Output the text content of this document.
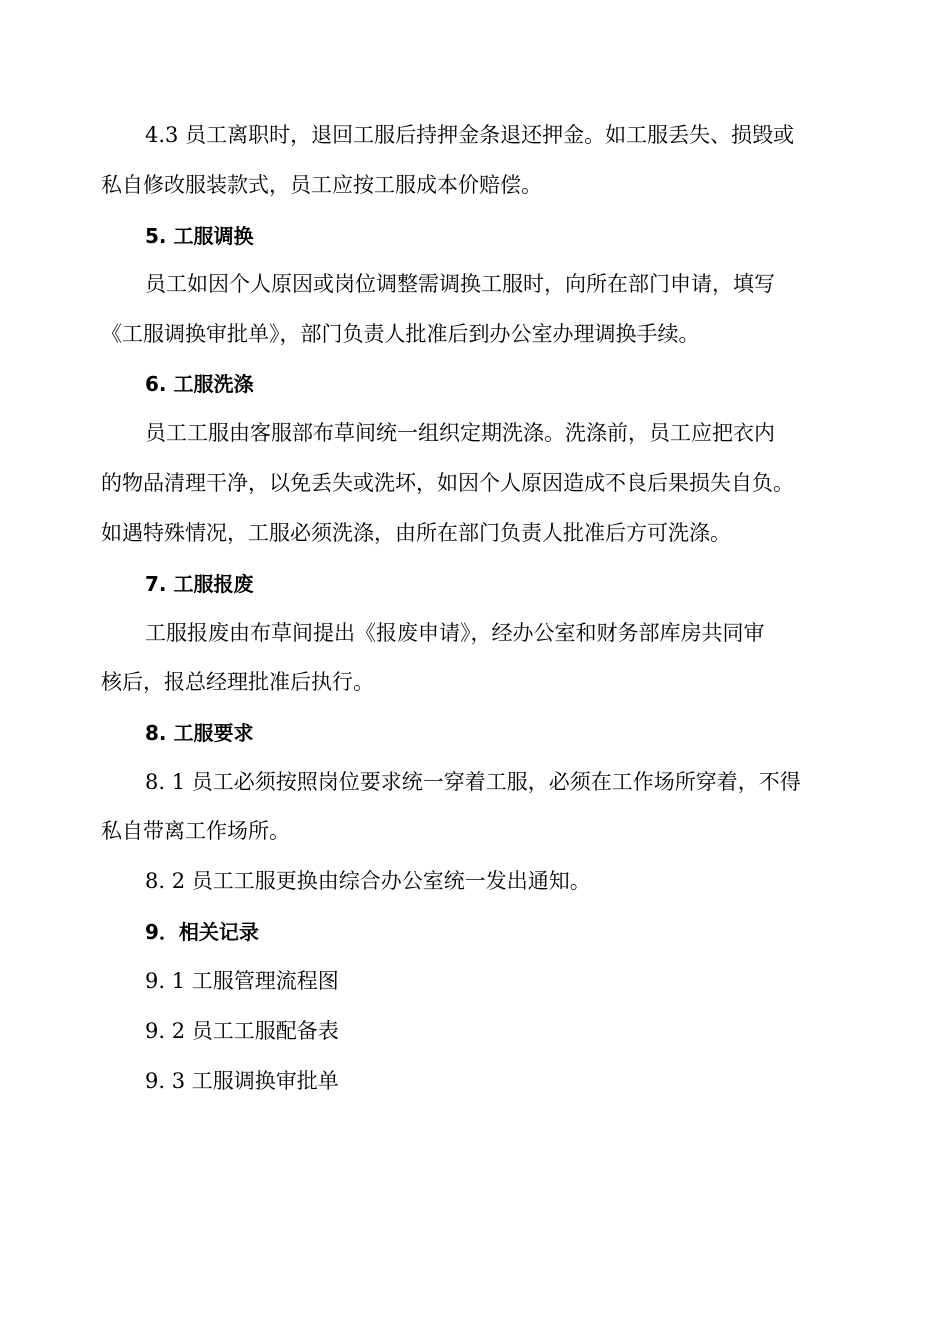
4.3 员工离职时，退回工服后持押金条退还押金。如工服丢失、损毁或
私自修改服装款式，员工应按工服成本价赔偿。
5. 工服调换
员工如因个人原因或岗位调整需调换工服时，向所在部门申请，填写
《工服调换审批单》，部门负责人批准后到办公室办理调换手续。
6. 工服洗涤
员工工服由客服部布草间统一组织定期洗涤。洗涤前，员工应把衣内
的物品清理干净，以免丢失或洗坏，如因个人原因造成不良后果损失自负。
如遇特殊情况，工服必须洗涤，由所在部门负责人批准后方可洗涤。
7. 工服报废
工服报废由布草间提出《报废申请》，经办公室和财务部库房共同审
核后，报总经理批准后执行。
8. 工服要求
8. 1 员工必须按照岗位要求统一穿着工服，必须在工作场所穿着，不得
私自带离工作场所。
8. 2 员工工服更换由综合办公室统一发出通知。
9．相关记录
9. 1 工服管理流程图
9. 2 员工工服配备表
9. 3 工服调换审批单
